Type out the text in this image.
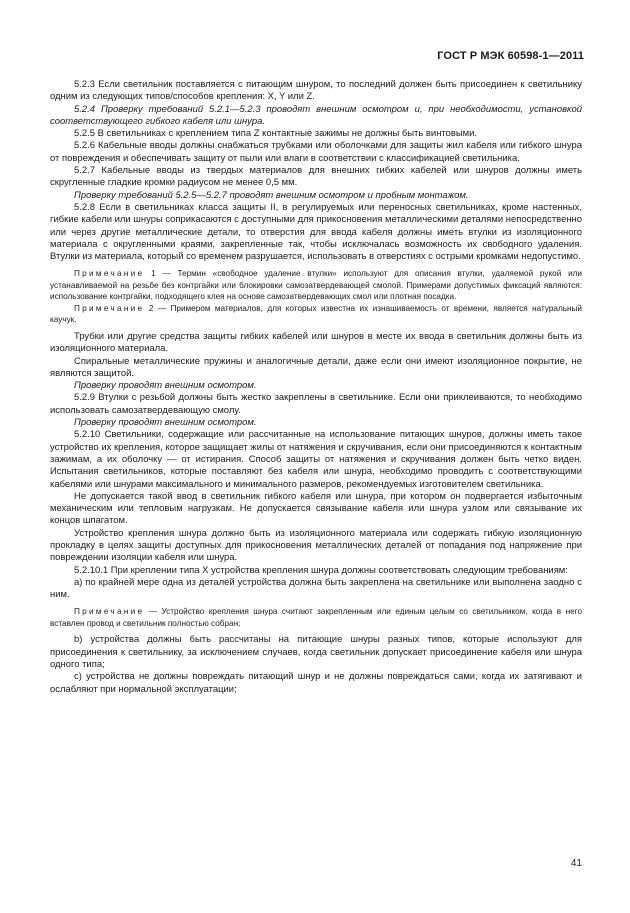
ГОСТ Р МЭК 60598-1—2011

5.2.3 Если светильник поставляется с питающим шнуром, то последний должен быть присоединен к светильнику одним из следующих типов/способов крепления: X, Y или Z.

5.2.4 Проверку требований 5.2.1—5.2.3 проводят внешним осмотром и, при необходимости, установкой соответствующего гибкого кабеля или шнура.

5.2.5 В светильниках с креплением типа Z контактные зажимы не должны быть винтовыми.

5.2.6 Кабельные вводы должны снабжаться трубками или оболочками для защиты жил кабеля или гибкого шнура от повреждения и обеспечивать защиту от пыли или влаги в соответствии с классификацией светильника.

5.2.7 Кабельные вводы из твердых материалов для внешних гибких кабелей или шнуров должны иметь скругленные гладкие кромки радиусом не менее 0,5 мм.

Проверку требований 5.2.5—5.2.7 проводят внешним осмотром и пробным монтажом.

5.2.8 Если в светильниках класса защиты II, в регулируемых или переносных светильниках, кроме настенных, гибкие кабели или шнуры соприкасаются с доступными для прикосновения металлическими деталями непосредственно или через другие металлические детали, то отверстия для ввода кабеля должны иметь втулки из изоляционного материала с округленными краями, закрепленные так, чтобы исключалась возможность их свободного удаления. Втулки из материала, который со временем разрушается, использовать в отверстиях с острыми кромками недопустимо.

Примечание 1 — Термин «свободное удаление втулки» используют для описания втулки, удаляемой рукой или устанавливаемой на резьбе без контргайки или блокировки самозатвердевающей смолой. Примерами допустимых фиксаций являются: использование контргайки, подходящего клея на основе самозатвердевающих смол или плотная посадка.

Примечание 2 — Примером материалов, для которых известна их изнашиваемость от времени, является натуральный каучук.

Трубки или другие средства защиты гибких кабелей или шнуров в месте их ввода в светильник должны быть из изоляционного материала.

Спиральные металлические пружины и аналогичные детали, даже если они имеют изоляционное покрытие, не являются защитой.

Проверку проводят внешним осмотром.

5.2.9 Втулки с резьбой должны быть жестко закреплены в светильнике. Если они приклеиваются, то необходимо использовать самозатвердевающую смолу.

Проверку проводят внешним осмотром.

5.2.10 Светильники, содержащие или рассчитанные на использование питающих шнуров, должны иметь такое устройство их крепления, которое защищает жилы от натяжения и скручивания, если они присоединяются к контактным зажимам, а их оболочку — от истирания. Способ защиты от натяжения и скручивания должен быть четко виден. Испытания светильников, которые поставляют без кабеля или шнура, необходимо проводить с соответствующими кабелями или шнурами максимального и минимального размеров, рекомендуемых изготовителем светильника.

Не допускается такой ввод в светильник гибкого кабеля или шнура, при котором он подвергается избыточным механическим или тепловым нагрузкам. Не допускается связывание кабеля или шнура узлом или связывание их концов шпагатом.

Устройство крепления шнура должно быть из изоляционного материала или содержать гибкую изоляционную прокладку в целях защиты доступных для прикосновения металлических деталей от попадания под напряжение при повреждении изоляции кабеля или шнура.

5.2.10.1 При креплении типа X устройства крепления шнура должны соответствовать следующим требованиям:

a) по крайней мере одна из деталей устройства должна быть закреплена на светильнике или выполнена заодно с ним.

Примечание — Устройство крепления шнура считают закрепленным или единым целым со светильником, когда в него вставлен провод и светильник полностью собран;

b) устройства должны быть рассчитаны на питающие шнуры разных типов, которые используют для присоединения к светильнику, за исключением случаев, когда светильник допускает присоединение кабеля или шнура одного типа;

c) устройства не должны повреждать питающий шнур и не должны повреждаться сами, когда их затягивают и ослабляют при нормальной эксплуатации;

41
